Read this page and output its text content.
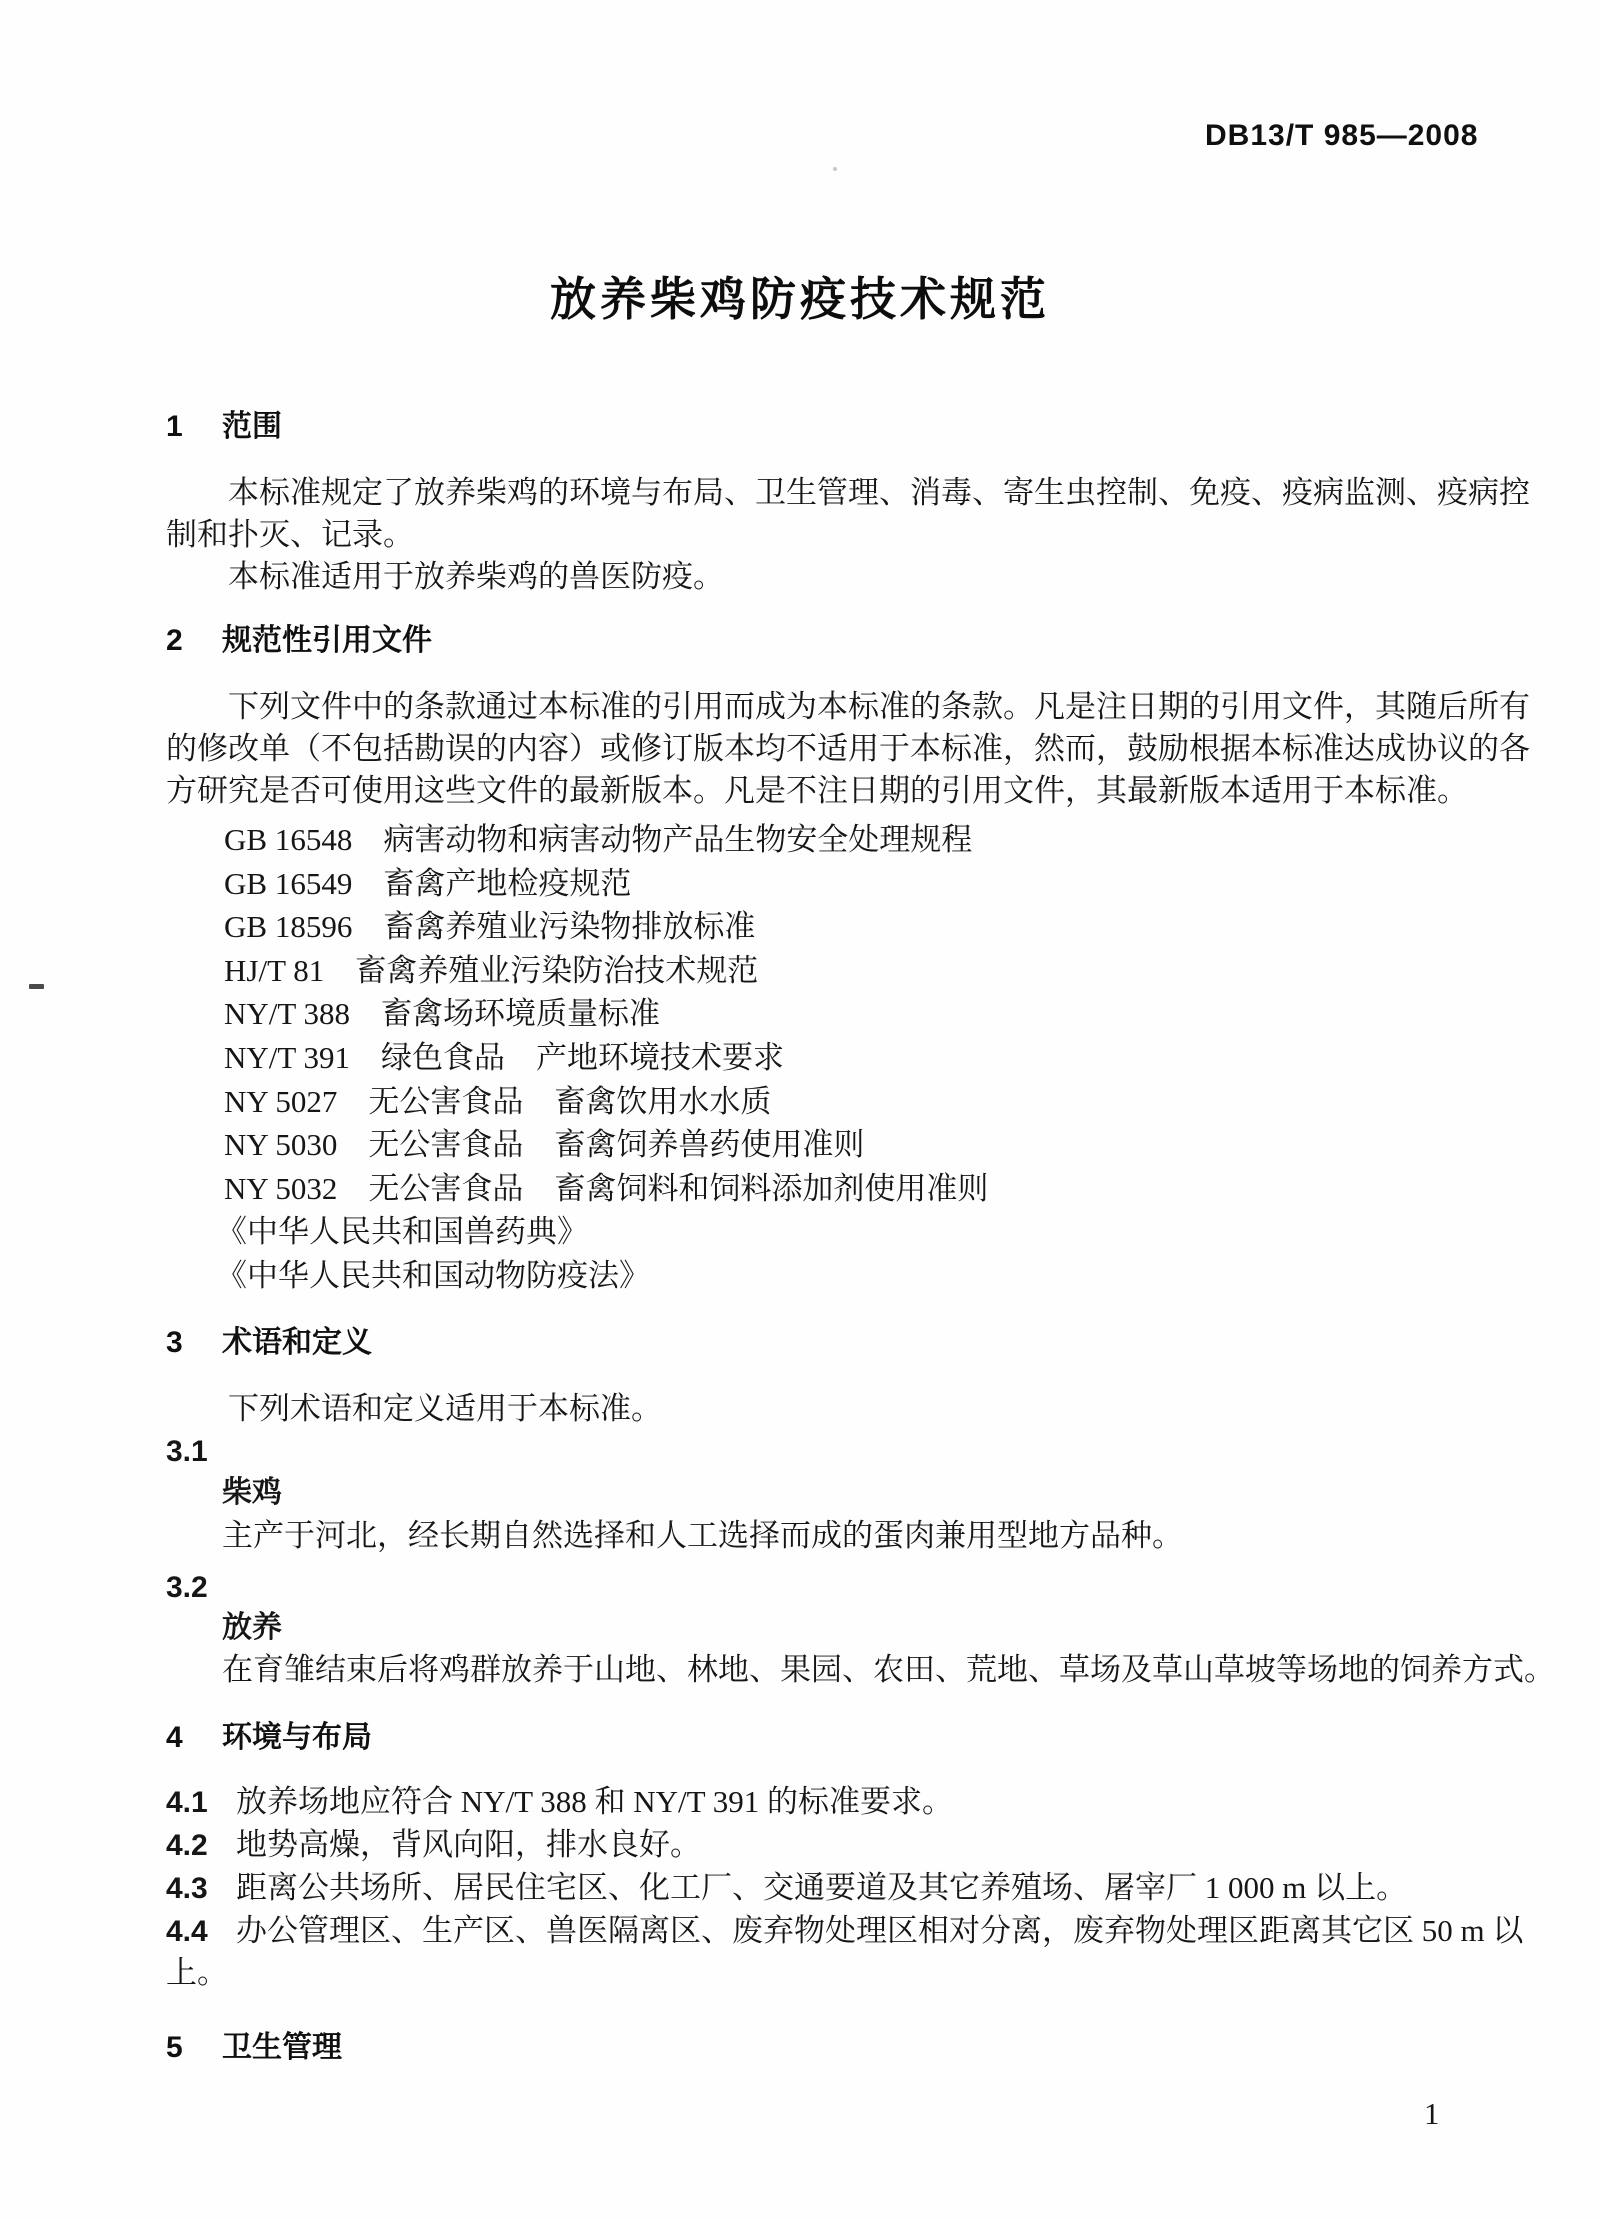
DB13/T 985—2008
放养柴鸡防疫技术规范
1 范围
本标准规定了放养柴鸡的环境与布局、卫生管理、消毒、寄生虫控制、免疫、疫病监测、疫病控
制和扑灭、记录。
本标准适用于放养柴鸡的兽医防疫。
2 规范性引用文件
下列文件中的条款通过本标准的引用而成为本标准的条款。凡是注日期的引用文件，其随后所有
的修改单（不包括勘误的内容）或修订版本均不适用于本标准，然而，鼓励根据本标准达成协议的各
方研究是否可使用这些文件的最新版本。凡是不注日期的引用文件，其最新版本适用于本标准。
GB 16548　病害动物和病害动物产品生物安全处理规程
GB 16549　畜禽产地检疫规范
GB 18596　畜禽养殖业污染物排放标准
HJ/T 81　畜禽养殖业污染防治技术规范
NY/T 388　畜禽场环境质量标准
NY/T 391　绿色食品　产地环境技术要求
NY 5027　无公害食品　畜禽饮用水水质
NY 5030　无公害食品　畜禽饲养兽药使用准则
NY 5032　无公害食品　畜禽饲料和饲料添加剂使用准则
《中华人民共和国兽药典》
《中华人民共和国动物防疫法》
3 术语和定义
下列术语和定义适用于本标准。
3.1
柴鸡
主产于河北，经长期自然选择和人工选择而成的蛋肉兼用型地方品种。
3.2
放养
在育雏结束后将鸡群放养于山地、林地、果园、农田、荒地、草场及草山草坡等场地的饲养方式。
4 环境与布局
4.1 放养场地应符合 NY/T 388 和 NY/T 391 的标准要求。
4.2 地势高燥，背风向阳，排水良好。
4.3 距离公共场所、居民住宅区、化工厂、交通要道及其它养殖场、屠宰厂 1 000 m 以上。
4.4 办公管理区、生产区、兽医隔离区、废弃物处理区相对分离，废弃物处理区距离其它区 50 m 以
上。
5 卫生管理
1
